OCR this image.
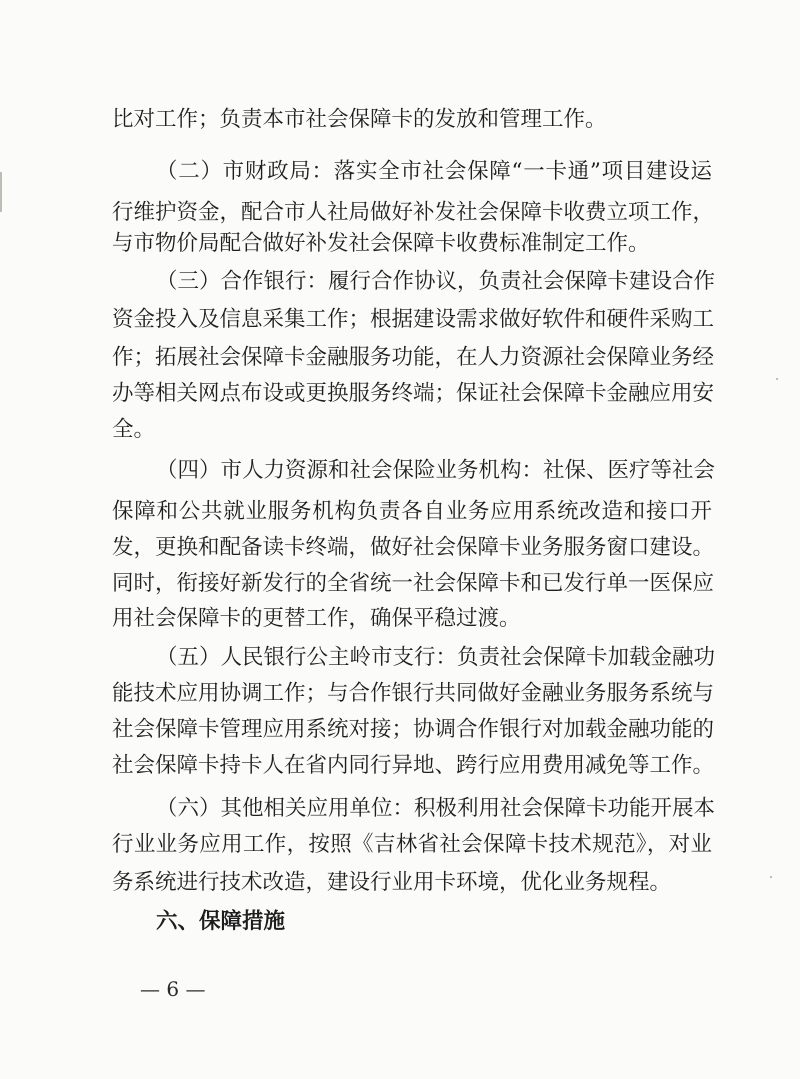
比对工作；负责本市社会保障卡的发放和管理工作。
（二）市财政局：落实全市社会保障“一卡通”项目建设运
行维护资金，配合市人社局做好补发社会保障卡收费立项工作，
与市物价局配合做好补发社会保障卡收费标准制定工作。
（三）合作银行：履行合作协议，负责社会保障卡建设合作
资金投入及信息采集工作；根据建设需求做好软件和硬件采购工
作；拓展社会保障卡金融服务功能，在人力资源社会保障业务经
办等相关网点布设或更换服务终端；保证社会保障卡金融应用安
全。
（四）市人力资源和社会保险业务机构：社保、医疗等社会
保障和公共就业服务机构负责各自业务应用系统改造和接口开
发，更换和配备读卡终端，做好社会保障卡业务服务窗口建设。
同时，衔接好新发行的全省统一社会保障卡和已发行单一医保应
用社会保障卡的更替工作，确保平稳过渡。
（五）人民银行公主岭市支行：负责社会保障卡加载金融功
能技术应用协调工作；与合作银行共同做好金融业务服务系统与
社会保障卡管理应用系统对接；协调合作银行对加载金融功能的
社会保障卡持卡人在省内同行异地、跨行应用费用减免等工作。
（六）其他相关应用单位：积极利用社会保障卡功能开展本
行业业务应用工作，按照《吉林省社会保障卡技术规范》，对业
务系统进行技术改造，建设行业用卡环境，优化业务规程。
六、保障措施
— 6 —
